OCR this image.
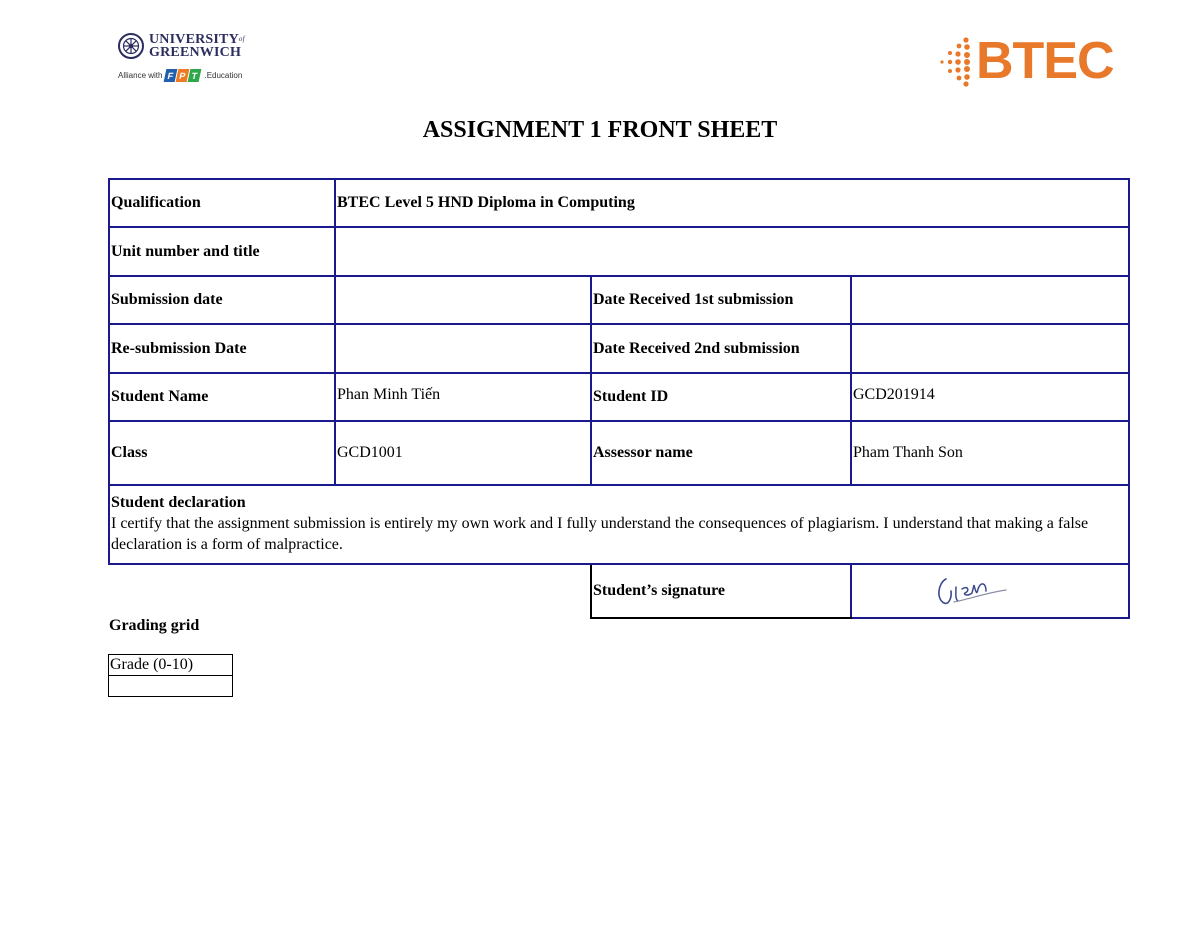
$UNIVERSITY^{of}$
GREENWICH
Alliance with F P T .Education	BTEC
ASSIGNMENT 1 FRONT SHEET
Qualification	BTEC Level 5 HND Diploma in Computing		
Unit number and title			
Submission date		Date Received 1st submission	
Re-submission Date		Date Received 2nd submission	
Student Name	Phan Minh Tiến	Student ID	GCD201914
Class	GCD1001	Assessor name	Pham Thanh Son

Student declaration
I certify that the assignment submission is entirely my own work and I fully understand the consequences of plagiarism. I understand that making a false declaration is a form of malpractice.			

		Student’s signature	
Grading grid
Grade (0-10)
